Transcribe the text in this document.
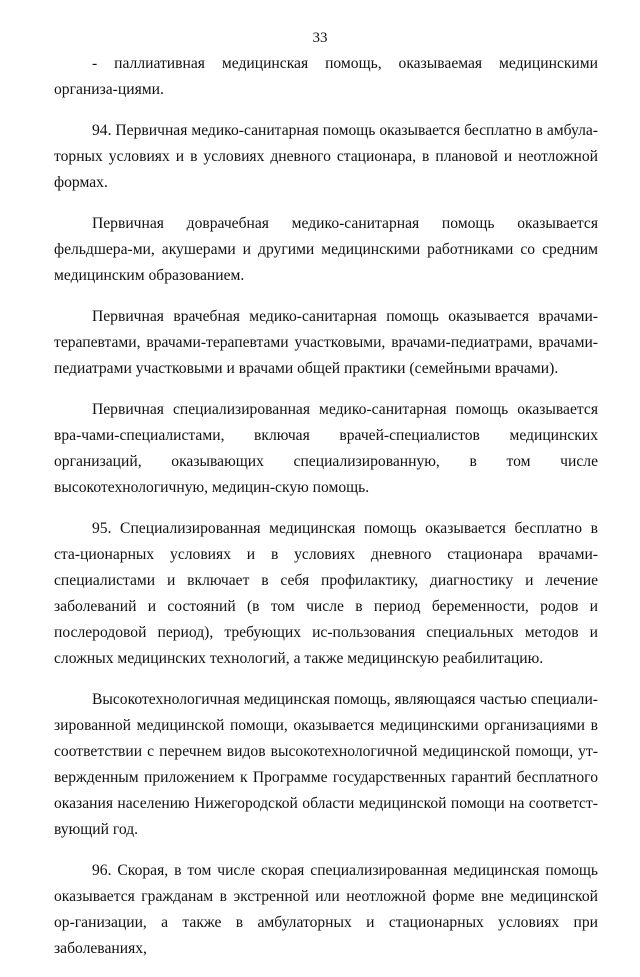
33

- паллиативная медицинская помощь, оказываемая медицинскими организа-циями.

94. Первичная медико-санитарная помощь оказывается бесплатно в амбула-торных условиях и в условиях дневного стационара, в плановой и неотложной формах.

Первичная доврачебная медико-санитарная помощь оказывается фельдшера-ми, акушерами и другими медицинскими работниками со средним медицинским образованием.

Первичная врачебная медико-санитарная помощь оказывается врачами-терапевтами, врачами-терапевтами участковыми, врачами-педиатрами, врачами-педиатрами участковыми и врачами общей практики (семейными врачами).

Первичная специализированная медико-санитарная помощь оказывается вра-чами-специалистами, включая врачей-специалистов медицинских организаций, оказывающих специализированную, в том числе высокотехнологичную, медицин-скую помощь.

95. Специализированная медицинская помощь оказывается бесплатно в ста-ционарных условиях и в условиях дневного стационара врачами-специалистами и включает в себя профилактику, диагностику и лечение заболеваний и состояний (в том числе в период беременности, родов и послеродовой период), требующих ис-пользования специальных методов и сложных медицинских технологий, а также медицинскую реабилитацию.

Высокотехнологичная медицинская помощь, являющаяся частью специали-зированной медицинской помощи, оказывается медицинскими организациями в соответствии с перечнем видов высокотехнологичной медицинской помощи, ут-вержденным приложением к Программе государственных гарантий бесплатного оказания населению Нижегородской области медицинской помощи на соответст-вующий год.

96. Скорая, в том числе скорая специализированная медицинская помощь оказывается гражданам в экстренной или неотложной форме вне медицинской ор-ганизации, а также в амбулаторных и стационарных условиях при заболеваниях,
